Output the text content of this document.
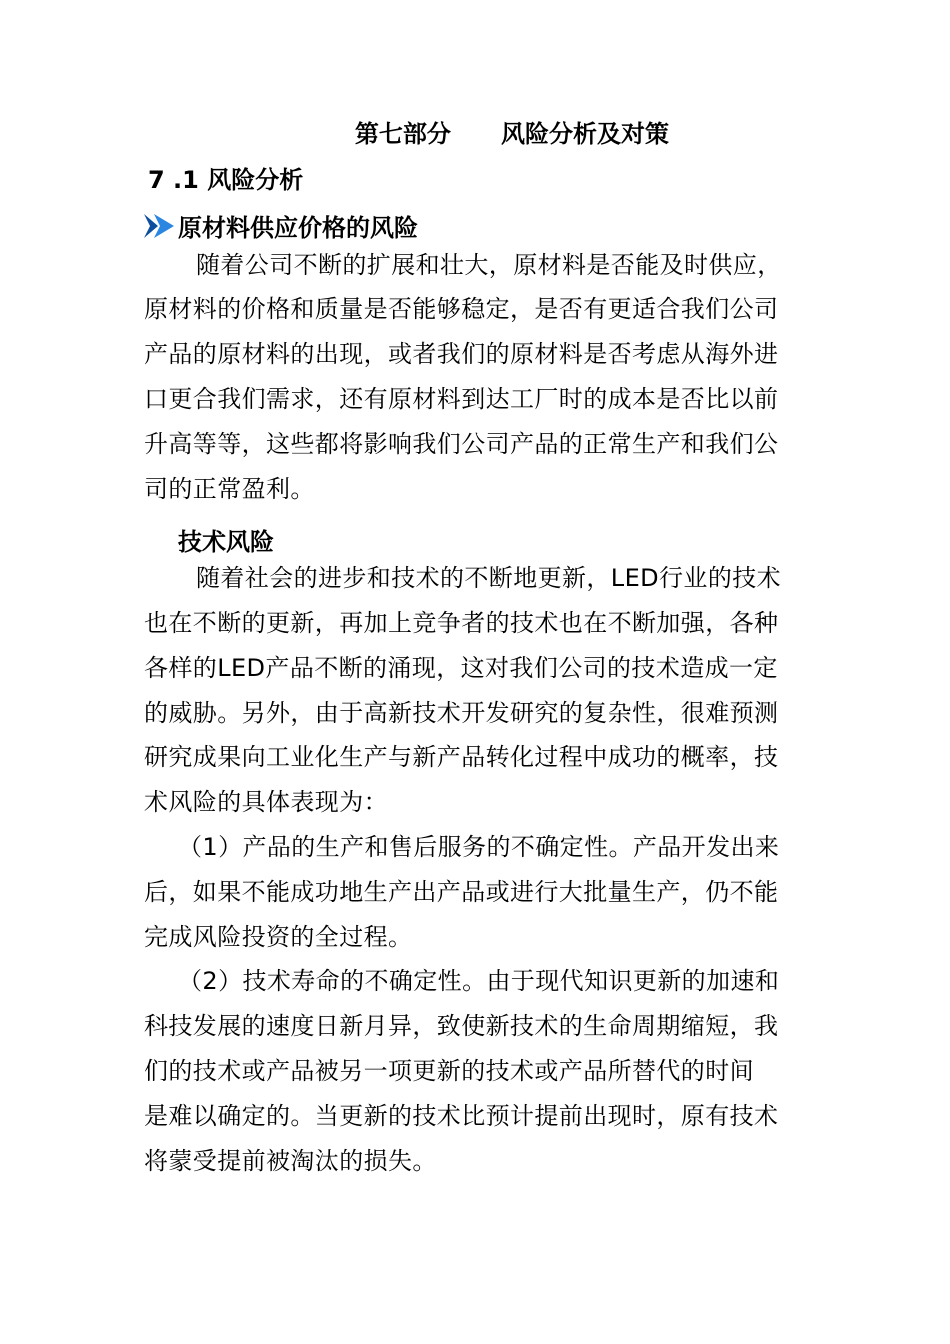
第七部分      风险分析及对策
7 .1 风险分析
原材料供应价格的风险
随着公司不断的扩展和壮大，原材料是否能及时供应，
原材料的价格和质量是否能够稳定，是否有更适合我们公司
产品的原材料的出现，或者我们的原材料是否考虑从海外进
口更合我们需求，还有原材料到达工厂时的成本是否比以前
升高等等，这些都将影响我们公司产品的正常生产和我们公
司的正常盈利。
技术风险
随着社会的进步和技术的不断地更新，LED行业的技术
也在不断的更新，再加上竞争者的技术也在不断加强，各种
各样的LED产品不断的涌现，这对我们公司的技术造成一定
的威胁。另外，由于高新技术开发研究的复杂性，很难预测
研究成果向工业化生产与新产品转化过程中成功的概率，技
术风险的具体表现为：
（1）产品的生产和售后服务的不确定性。产品开发出来
后，如果不能成功地生产出产品或进行大批量生产，仍不能
完成风险投资的全过程。
（2）技术寿命的不确定性。由于现代知识更新的加速和
科技发展的速度日新月异，致使新技术的生命周期缩短，我
们的技术或产品被另一项更新的技术或产品所替代的时间
是难以确定的。当更新的技术比预计提前出现时，原有技术
将蒙受提前被淘汰的损失。
